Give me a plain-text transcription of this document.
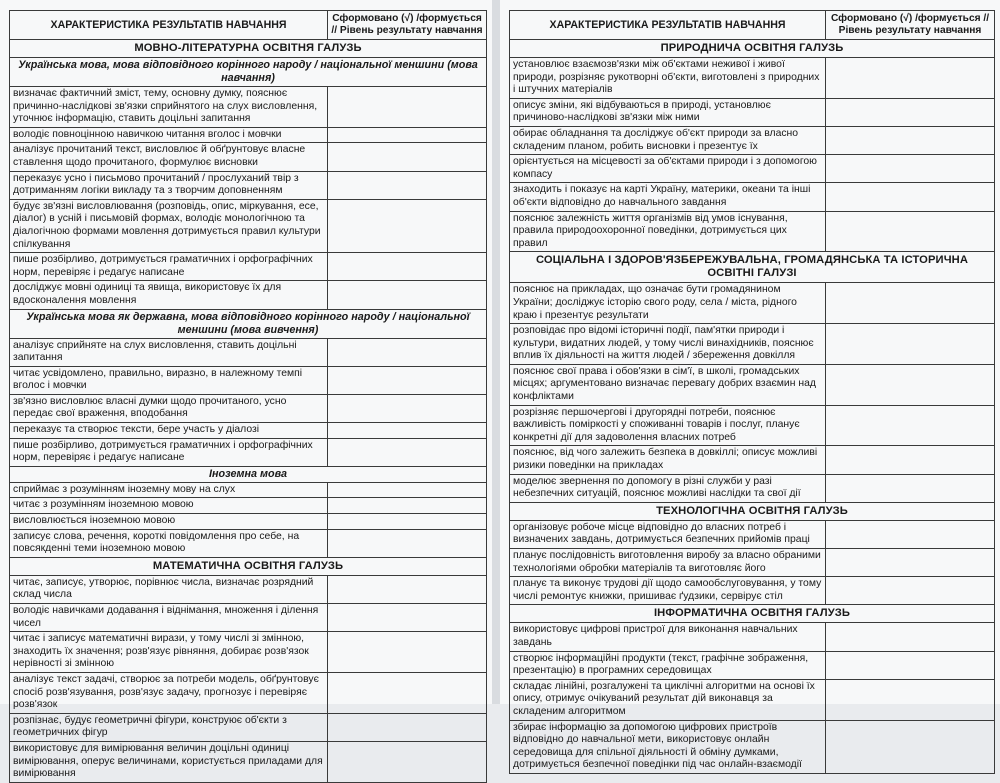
ХАРАКТЕРИСТИКА РЕЗУЛЬТАТІВ НАВЧАННЯ	Сформовано (√) /формується // Рівень результату навчання
МОВНО-ЛІТЕРАТУРНА ОСВІТНЯ ГАЛУЗЬ	
Українська мова, мова відповідного корінного народу / національної меншини (мова навчання)	
визначає фактичний зміст, тему, основну думку, пояснює причинно-наслідкові зв'язки сприйнятого на слух висловлення, уточнює інформацію, ставить доцільні запитання	
володіє повноцінною навичкою читання вголос і мовчки	
аналізує прочитаний текст, висловлює й обґрунтовує власне ставлення щодо прочитаного, формулює висновки	
переказує усно і письмово прочитаний / прослуханий твір з дотриманням логіки викладу та з творчим доповненням	
будує зв'язні висловлювання (розповідь, опис, міркування, есе, діалог) в усній і письмовій формах, володіє монологічною та діалогічною формами мовлення дотримується правил культури спілкування	
пише розбірливо, дотримується граматичних і орфографічних норм, перевіряє і редагує написане	
досліджує мовні одиниці та явища, використовує їх для вдосконалення мовлення	
Українська мова як державна, мова відповідного корінного народу / національної меншини (мова вивчення)	
аналізує сприйняте на слух висловлення, ставить доцільні запитання	
читає усвідомлено, правильно, виразно, в належному темпі вголос і мовчки	
зв'язно висловлює власні думки щодо прочитаного, усно передає свої враження, вподобання	
переказує та створює тексти, бере участь у діалозі	
пише розбірливо, дотримується граматичних і орфографічних норм, перевіряє і редагує написане	
Іноземна мова	
сприймає з розумінням іноземну мову на слух	
читає з розумінням іноземною мовою	
висловлюється іноземною мовою	
записує слова, речення, короткі повідомлення про себе, на повсякденні теми іноземною мовою	
МАТЕМАТИЧНА ОСВІТНЯ ГАЛУЗЬ	
читає, записує, утворює, порівнює числа, визначає розрядний склад числа	
володіє навичками додавання і віднімання, множення і ділення чисел	
читає і записує математичні вирази, у тому числі зі змінною, знаходить їх значення; розв'язує рівняння, добирає розв'язок нерівності зі змінною	
аналізує текст задачі, створює за потреби модель, обґрунтовує спосіб розв'язування, розв'язує задачу, прогнозує і перевіряє розв'язок	
розпізнає, будує геометричні фігури, конструює об'єкти з геометричних фігур	
використовує для вимірювання величин доцільні одиниці вимірювання, оперує величинами, користується приладами для вимірювання	
ХАРАКТЕРИСТИКА РЕЗУЛЬТАТІВ НАВЧАННЯ	Сформовано (√) /формується // Рівень результату навчання
ПРИРОДНИЧА ОСВІТНЯ ГАЛУЗЬ	
установлює взаємозв'язки між об'єктами неживої і живої природи, розрізняє рукотворні об'єкти, виготовлені з природних і штучних матеріалів	
описує зміни, які відбуваються в природі, установлює причиново-наслідкові зв'язки між ними	
обирає обладнання та досліджує об'єкт природи за власно складеним планом, робить висновки і презентує їх	
орієнтується на місцевості за об'єктами природи і з допомогою компасу	
знаходить і показує на карті Україну, материки, океани та інші об'єкти відповідно до навчального завдання	
пояснює залежність життя організмів від умов існування, правила природоохоронної поведінки, дотримується цих правил	
СОЦІАЛЬНА І ЗДОРОВ'ЯЗБЕРЕЖУВАЛЬНА, ГРОМАДЯНСЬКА ТА ІСТОРИЧНА ОСВІТНІ ГАЛУЗІ	
пояснює на прикладах, що означає бути громадянином України; досліджує історію свого роду, села / міста, рідного краю і презентує результати	
розповідає про відомі історичні події, пам'ятки природи і культури, видатних людей, у тому числі винахідників, пояснює вплив їх діяльності на життя людей / збереження довкілля	
пояснює свої права і обов'язки в сім'ї, в школі, громадських місцях; аргументовано визначає перевагу добрих взаємин над конфліктами	
розрізняє першочергові і другорядні потреби, пояснює важливість поміркості у споживанні товарів і послуг, планує конкретні дії для задоволення власних потреб	
пояснює, від чого залежить безпека в довкіллі; описує можливі ризики поведінки на прикладах	
моделює звернення по допомогу в різні служби у разі небезпечних ситуацій, пояснює можливі наслідки та свої дії	
ТЕХНОЛОГІЧНА ОСВІТНЯ ГАЛУЗЬ	
організовує робоче місце відповідно до власних потреб і визначених завдань, дотримується безпечних прийомів праці	
планує послідовність виготовлення виробу за власно обраними технологіями обробки матеріалів та виготовляє його	
планує та виконує трудові дії щодо самообслуговування, у тому числі ремонтує книжки, пришиває ґудзики, сервірує стіл	
ІНФОРМАТИЧНА ОСВІТНЯ ГАЛУЗЬ	
використовує цифрові пристрої для виконання навчальних завдань	
створює інформаційні продукти (текст, графічне зображення, презентацію) в програмних середовищах	
складає лінійні, розгалужені та циклічні алгоритми на основі їх опису, отримує очікуваний результат дій виконавця за складеним алгоритмом	
збирає інформацію за допомогою цифрових пристроїв відповідно до навчальної мети, використовує онлайн середовища для спільної діяльності й обміну думками, дотримується безпечної поведінки під час онлайн-взаємодії	
